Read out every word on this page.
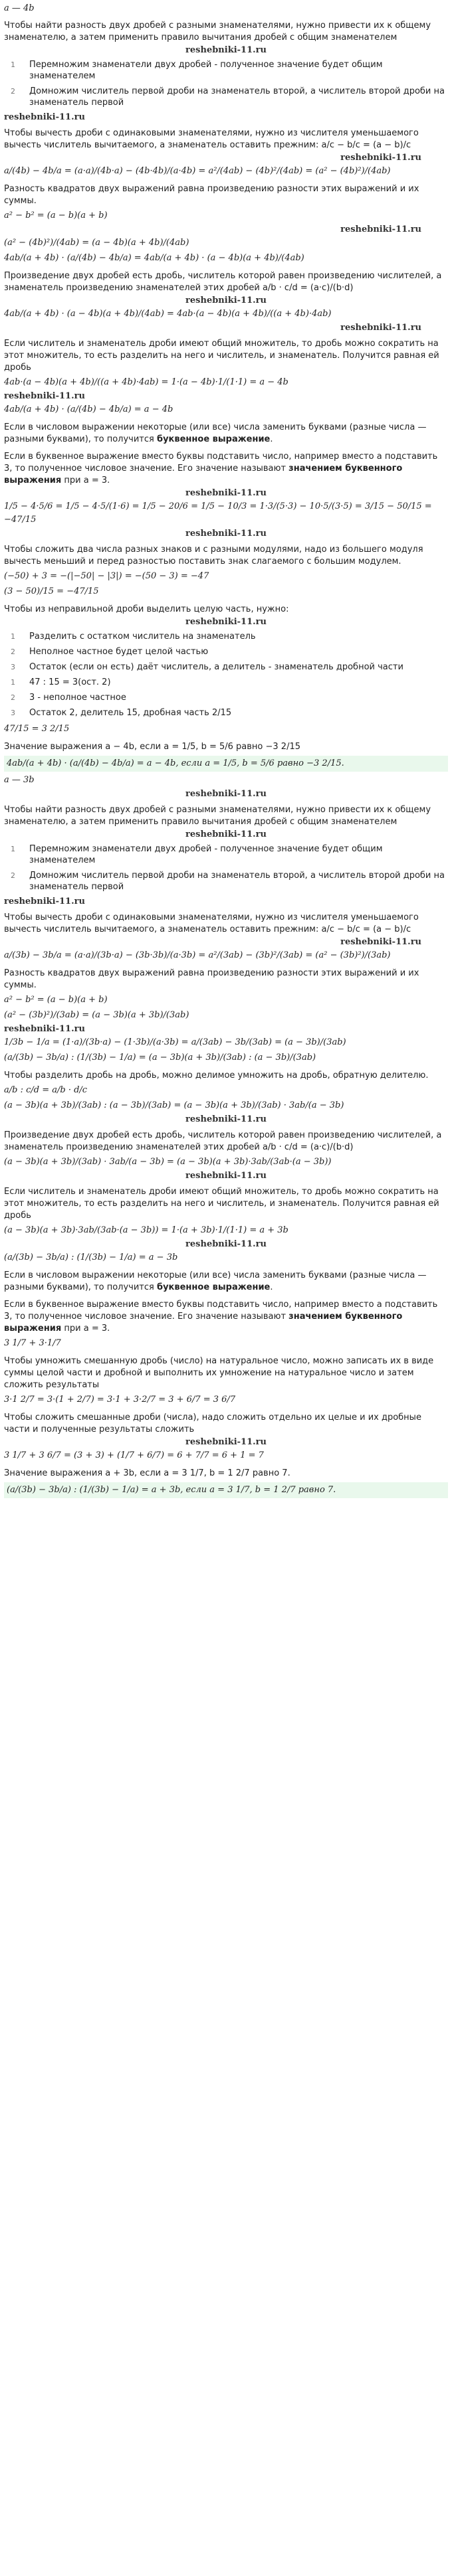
a — 4b

Чтобы найти разность двух дробей с разными знаменателями, нужно привести их к общему знаменателю, а затем применить правило вычитания дробей с общим знаменателем

reshebniki-11.ru

1	Перемножим знаменатели двух дробей - полученное значение будет общим знаменателем
2	Домножим числитель первой дроби на знаменатель второй, а числитель второй дроби на знаменатель первой

reshebniki-11.ru

Чтобы вычесть дроби с одинаковыми знаменателями, нужно из числителя уменьшаемого вычесть числитель вычитаемого, а знаменатель оставить прежним: a/c − b/c = (a − b)/c

reshebniki-11.ru

a/(4b) − 4b/a = (a·a)/(4b·a) − (4b·4b)/(a·4b) = a²/(4ab) − (4b)²/(4ab) = (a² − (4b)²)/(4ab)

Разность квадратов двух выражений равна произведению разности этих выражений и их суммы.

a² − b² = (a − b)(a + b)

reshebniki-11.ru

(a² − (4b)²)/(4ab) = (a − 4b)(a + 4b)/(4ab)

4ab/(a + 4b) · (a/(4b) − 4b/a) = 4ab/(a + 4b) · (a − 4b)(a + 4b)/(4ab)

Произведение двух дробей есть дробь, числитель которой равен произведению числителей, а знаменатель произведению знаменателей этих дробей a/b · c/d = (a·c)/(b·d)

reshebniki-11.ru

4ab/(a + 4b) · (a − 4b)(a + 4b)/(4ab) = 4ab·(a − 4b)(a + 4b)/((a + 4b)·4ab)

reshebniki-11.ru

Если числитель и знаменатель дроби имеют общий множитель, то дробь можно сократить на этот множитель, то есть разделить на него и числитель, и знаменатель. Получится равная ей дробь

4ab·(a − 4b)(a + 4b)/((a + 4b)·4ab) = 1·(a − 4b)·1/(1·1) = a − 4b

reshebniki-11.ru

4ab/(a + 4b) · (a/(4b) − 4b/a) = a − 4b

Если в числовом выражении некоторые (или все) числа заменить буквами (разные числа — разными буквами), то получится буквенное выражение.

Если в буквенное выражение вместо буквы подставить число, например вместо a подставить 3, то полученное числовое значение. Его значение называют значением буквенного выражения при a = 3.

reshebniki-11.ru

1/5 − 4·5/6 = 1/5 − 4·5/(1·6) = 1/5 − 20/6 = 1/5 − 10/3 = 1·3/(5·3) − 10·5/(3·5) = 3/15 − 50/15 = −47/15

reshebniki-11.ru

Чтобы сложить два числа разных знаков и с разными модулями, надо из большего модуля вычесть меньший и перед разностью поставить знак слагаемого с большим модулем.

(−50) + 3 = −(|−50| − |3|) = −(50 − 3) = −47

(3 − 50)/15 = −47/15

Чтобы из неправильной дроби выделить целую часть, нужно:

reshebniki-11.ru

1	Разделить с остатком числитель на знаменатель
2	Неполное частное будет целой частью
3	Остаток (если он есть) даёт числитель, а делитель - знаменатель дробной части
1	47 : 15 = 3(ост. 2)
2	3 - неполное частное
3	Остаток 2, делитель 15, дробная часть 2/15

47/15 = 3 2/15

Значение выражения a − 4b, если a = 1/5, b = 5/6 равно −3 2/15

4ab/(a + 4b) · (a/(4b) − 4b/a) = a − 4b, если a = 1/5, b = 5/6 равно −3 2/15.

a — 3b

reshebniki-11.ru

Чтобы найти разность двух дробей с разными знаменателями, нужно привести их к общему знаменателю, а затем применить правило вычитания дробей с общим знаменателем

reshebniki-11.ru

1	Перемножим знаменатели двух дробей - полученное значение будет общим знаменателем
2	Домножим числитель первой дроби на знаменатель второй, а числитель второй дроби на знаменатель первой

reshebniki-11.ru

Чтобы вычесть дроби с одинаковыми знаменателями, нужно из числителя уменьшаемого вычесть числитель вычитаемого, а знаменатель оставить прежним: a/c − b/c = (a − b)/c

reshebniki-11.ru

a/(3b) − 3b/a = (a·a)/(3b·a) − (3b·3b)/(a·3b) = a²/(3ab) − (3b)²/(3ab) = (a² − (3b)²)/(3ab)

Разность квадратов двух выражений равна произведению разности этих выражений и их суммы.

a² − b² = (a − b)(a + b)

(a² − (3b)²)/(3ab) = (a − 3b)(a + 3b)/(3ab)

reshebniki-11.ru

1/3b − 1/a = (1·a)/(3b·a) − (1·3b)/(a·3b) = a/(3ab) − 3b/(3ab) = (a − 3b)/(3ab)

(a/(3b) − 3b/a) : (1/(3b) − 1/a) = (a − 3b)(a + 3b)/(3ab) : (a − 3b)/(3ab)

Чтобы разделить дробь на дробь, можно делимое умножить на дробь, обратную делителю.

a/b : c/d = a/b · d/c

(a − 3b)(a + 3b)/(3ab) : (a − 3b)/(3ab) = (a − 3b)(a + 3b)/(3ab) · 3ab/(a − 3b)

reshebniki-11.ru

Произведение двух дробей есть дробь, числитель которой равен произведению числителей, а знаменатель произведению знаменателей этих дробей a/b · c/d = (a·c)/(b·d)

(a − 3b)(a + 3b)/(3ab) · 3ab/(a − 3b) = (a − 3b)(a + 3b)·3ab/(3ab·(a − 3b))

reshebniki-11.ru

Если числитель и знаменатель дроби имеют общий множитель, то дробь можно сократить на этот множитель, то есть разделить на него и числитель, и знаменатель. Получится равная ей дробь

(a − 3b)(a + 3b)·3ab/(3ab·(a − 3b)) = 1·(a + 3b)·1/(1·1) = a + 3b

reshebniki-11.ru

(a/(3b) − 3b/a) : (1/(3b) − 1/a) = a − 3b

Если в числовом выражении некоторые (или все) числа заменить буквами (разные числа — разными буквами), то получится буквенное выражение.

Если в буквенное выражение вместо буквы подставить число, например вместо a подставить 3, то полученное числовое значение. Его значение называют значением буквенного выражения при a = 3.

3 1/7 + 3·1/7

Чтобы умножить смешанную дробь (число) на натуральное число, можно записать их в виде суммы целой части и дробной и выполнить их умножение на натуральное число и затем сложить результаты

3·1 2/7 = 3·(1 + 2/7) = 3·1 + 3·2/7 = 3 + 6/7 = 3 6/7

Чтобы сложить смешанные дроби (числа), надо сложить отдельно их целые и их дробные части и полученные результаты сложить

reshebniki-11.ru

3 1/7 + 3 6/7 = (3 + 3) + (1/7 + 6/7) = 6 + 7/7 = 6 + 1 = 7

Значение выражения a + 3b, если a = 3 1/7, b = 1 2/7 равно 7.

(a/(3b) − 3b/a) : (1/(3b) − 1/a) = a + 3b, если a = 3 1/7, b = 1 2/7 равно 7.
